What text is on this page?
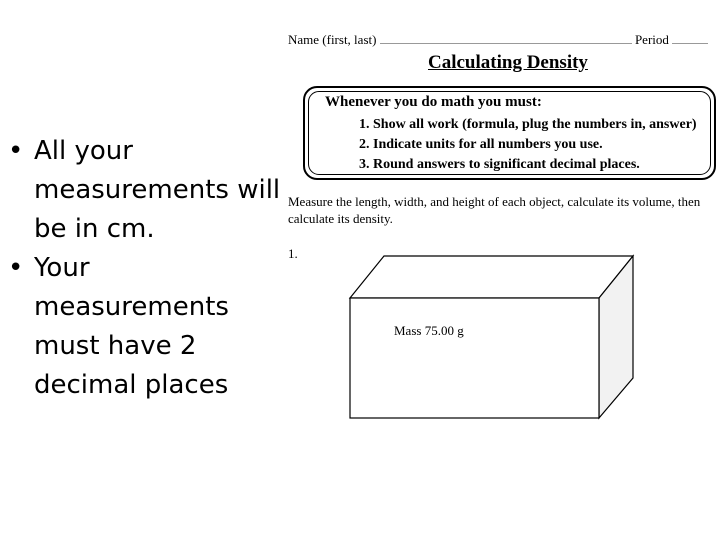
• All your measurements will be in cm.
• Your measurements must have 2 decimal places
Name (first, last)	Period
Calculating Density
Whenever you do math you must:
1. Show all work (formula, plug the numbers in, answer)
2. Indicate units for all numbers you use.
3. Round answers to significant decimal places.
Measure the length, width, and height of each object, calculate its volume, then calculate its density.
1.
Mass 75.00 g
